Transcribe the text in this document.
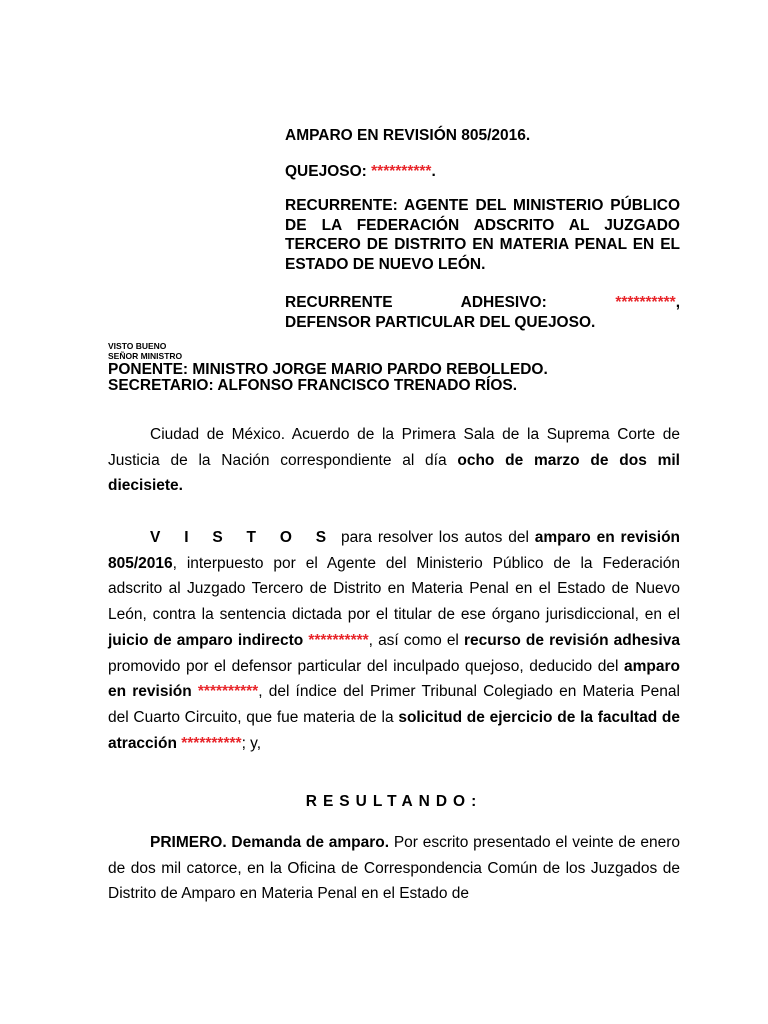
AMPARO EN REVISIÓN 805/2016.
QUEJOSO: **********.
RECURRENTE: AGENTE DEL MINISTERIO PÚBLICO DE LA FEDERACIÓN ADSCRITO AL JUZGADO TERCERO DE DISTRITO EN MATERIA PENAL EN EL ESTADO DE NUEVO LEÓN.
RECURRENTE ADHESIVO: **********,
DEFENSOR PARTICULAR DEL QUEJOSO.
VISTO BUENO
SEÑOR MINISTRO
PONENTE: MINISTRO JORGE MARIO PARDO REBOLLEDO.
SECRETARIO: ALFONSO FRANCISCO TRENADO RÍOS.
Ciudad de México. Acuerdo de la Primera Sala de la Suprema Corte de Justicia de la Nación correspondiente al día ocho de marzo de dos mil diecisiete.
V I S T O S para resolver los autos del amparo en revisión 805/2016, interpuesto por el Agente del Ministerio Público de la Federación adscrito al Juzgado Tercero de Distrito en Materia Penal en el Estado de Nuevo León, contra la sentencia dictada por el titular de ese órgano jurisdiccional, en el juicio de amparo indirecto **********, así como el recurso de revisión adhesiva promovido por el defensor particular del inculpado quejoso, deducido del amparo en revisión **********, del índice del Primer Tribunal Colegiado en Materia Penal del Cuarto Circuito, que fue materia de la solicitud de ejercicio de la facultad de atracción **********; y,
RESULTANDO:
PRIMERO. Demanda de amparo. Por escrito presentado el veinte de enero de dos mil catorce, en la Oficina de Correspondencia Común de los Juzgados de Distrito de Amparo en Materia Penal en el Estado de
